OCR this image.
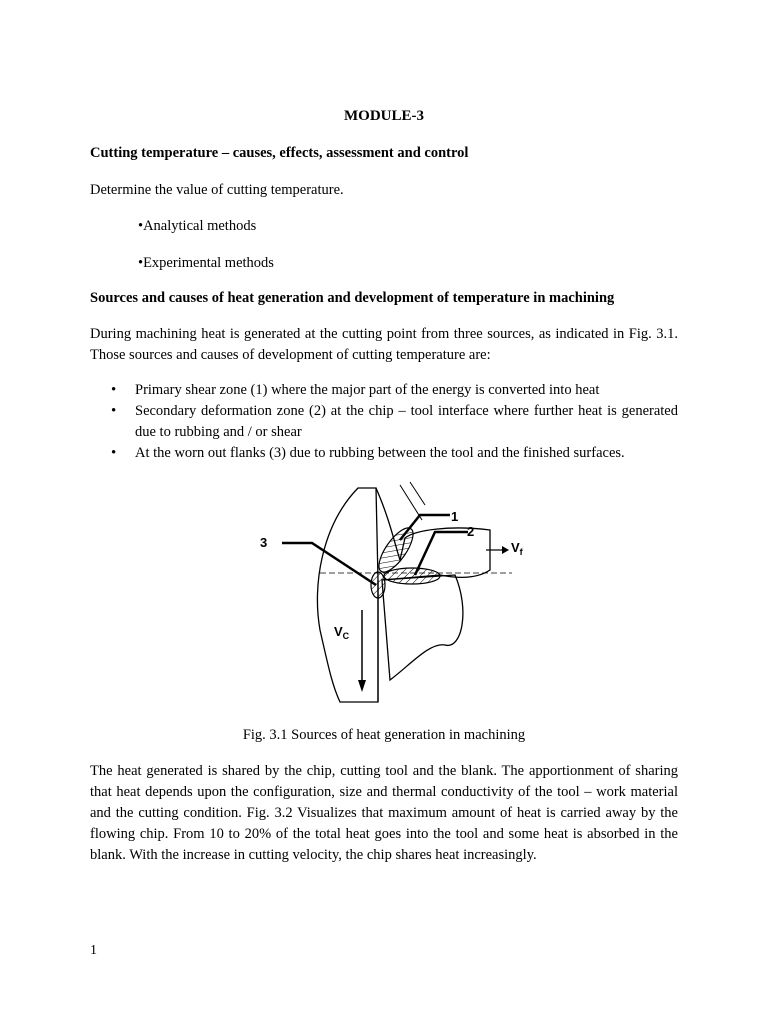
MODULE-3

Cutting temperature – causes, effects, assessment and control

Determine the value of cutting temperature.

•Analytical methods

•Experimental methods

Sources and causes of heat generation and development of temperature in machining

During machining heat is generated at the cutting point from three sources, as indicated in Fig. 3.1. Those sources and causes of development of cutting temperature are:

• Primary shear zone (1) where the major part of the energy is converted into heat
• Secondary deformation zone (2) at the chip – tool interface where further heat is generated due to rubbing and / or shear
• At the worn out flanks (3) due to rubbing between the tool and the finished surfaces.
1
2
3	$V_f$
$V_C$

Fig. 3.1 Sources of heat generation in machining

The heat generated is shared by the chip, cutting tool and the blank. The apportionment of sharing that heat depends upon the configuration, size and thermal conductivity of the tool – work material and the cutting condition. Fig. 3.2 Visualizes that maximum amount of heat is carried away by the flowing chip. From 10 to 20% of the total heat goes into the tool and some heat is absorbed in the blank. With the increase in cutting velocity, the chip shares heat increasingly.

1
